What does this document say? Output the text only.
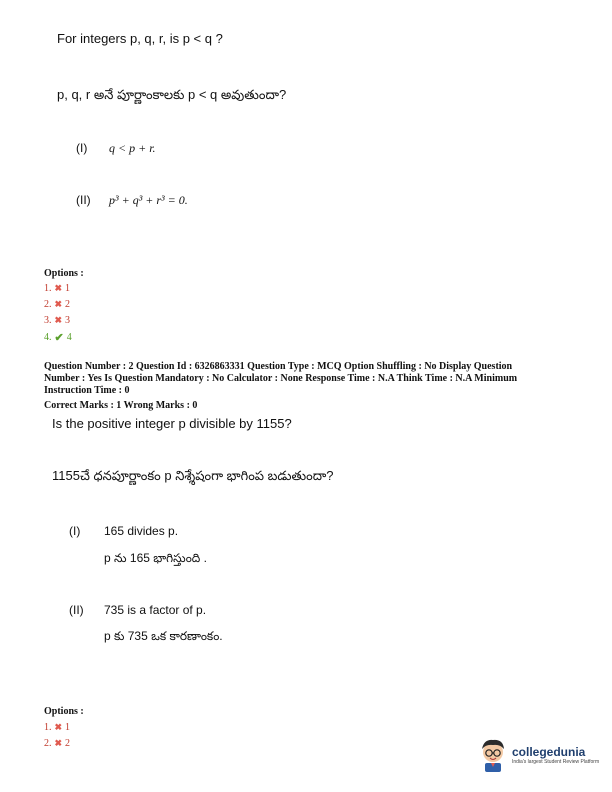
For integers p, q, r, is p < q ?
p, q, r అనే పూర్ణాంకాలకు p < q అవుతుందా?
(I) q < p + r.
(II) p³ + q³ + r³ = 0.
Options :
1. ✖ 1
2. ✖ 2
3. ✖ 3
4. ✔ 4
Question Number : 2 Question Id : 6326863331 Question Type : MCQ Option Shuffling : No Display Question
Number : Yes Is Question Mandatory : No Calculator : None Response Time : N.A Think Time : N.A Minimum
Instruction Time : 0
Correct Marks : 1 Wrong Marks : 0
Is the positive integer p divisible by 1155?
1155చే ధనపూర్ణాంకం p నిశ్శేషంగా భాగింప బడుతుందా?
(I) 165 divides p.
p ను 165 భాగిస్తుంది .
(II) 735 is a factor of p.
p కు 735 ఒక కారణాంకం.
Options :
1. ✖ 1
2. ✖ 2
collegedunia
India's largest Student Review Platform
